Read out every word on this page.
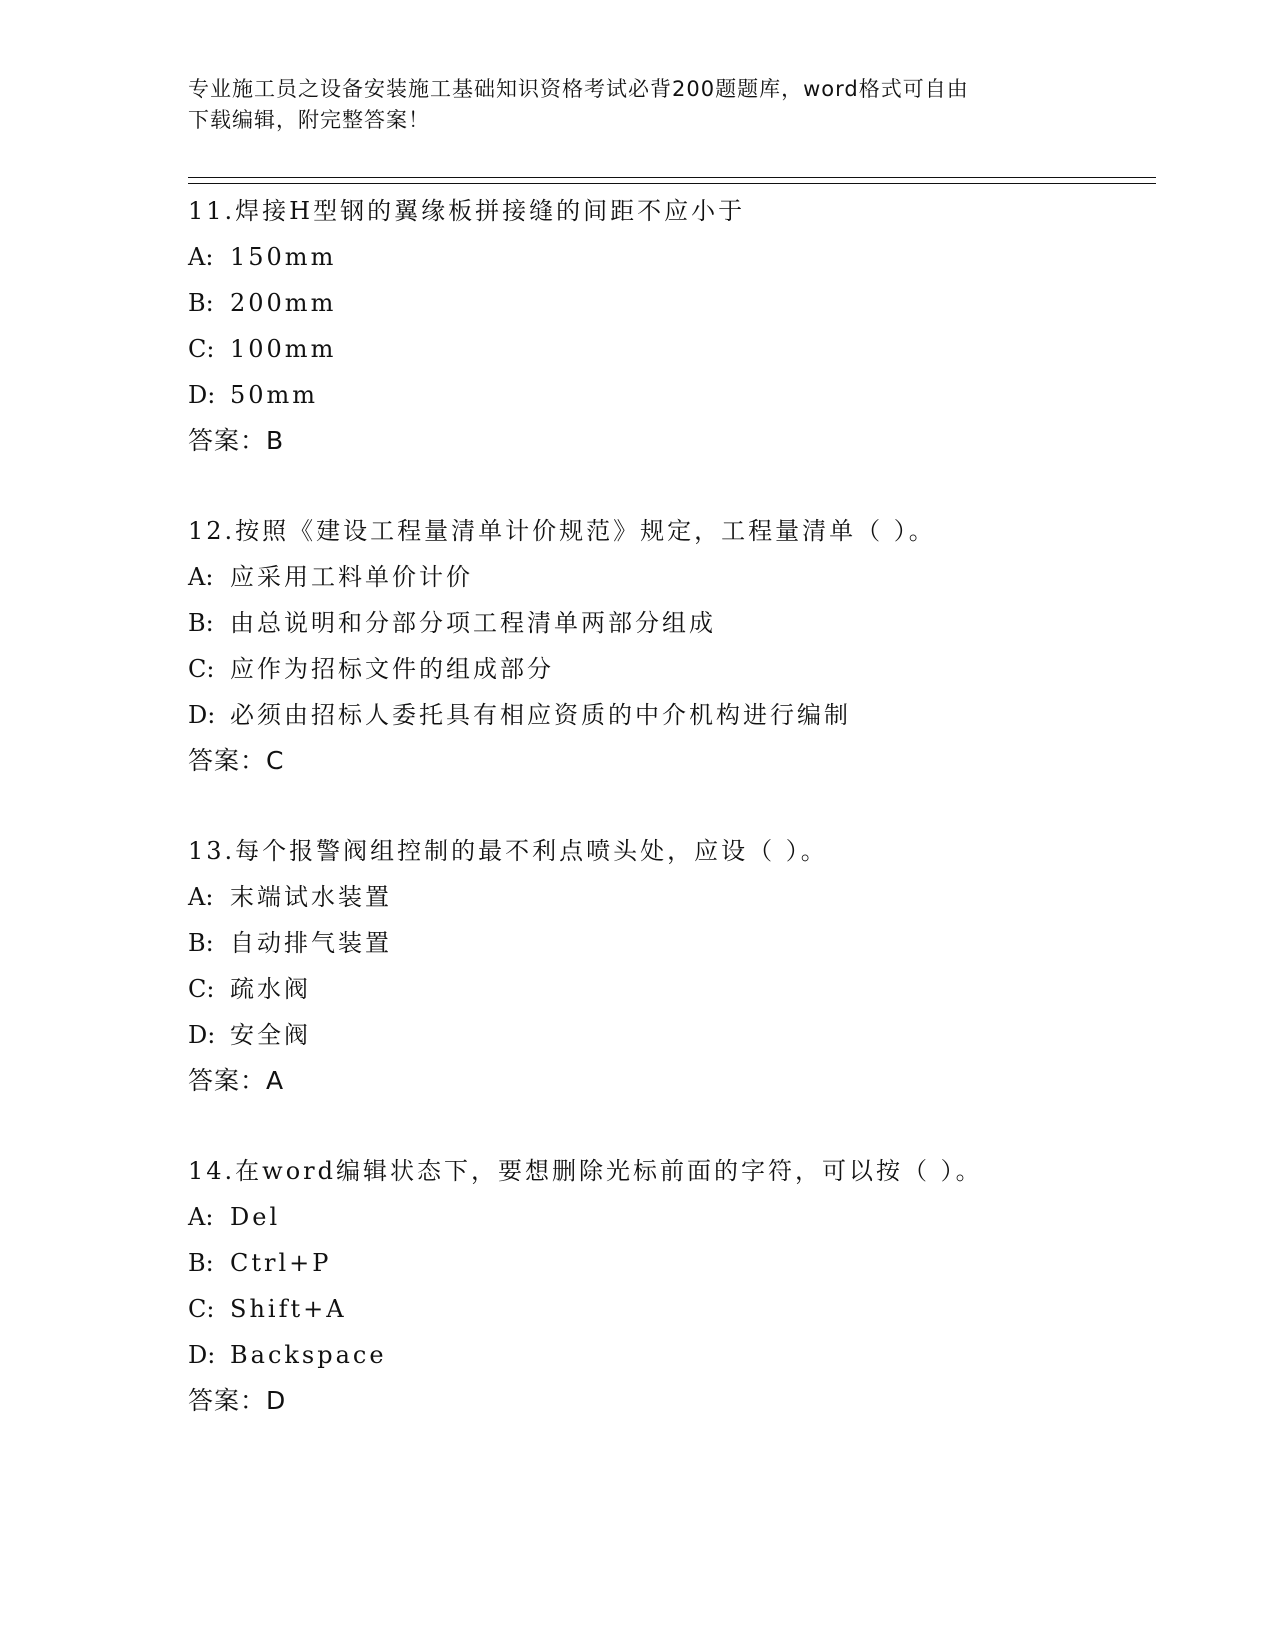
专业施工员之设备安装施工基础知识资格考试必背200题题库，word格式可自由
下载编辑，附完整答案！
11.焊接H型钢的翼缘板拼接缝的间距不应小于
A: 150mm
B: 200mm
C: 100mm
D: 50mm
答案：B
12.按照《建设工程量清单计价规范》规定，工程量清单（ ）。
A: 应采用工料单价计价
B: 由总说明和分部分项工程清单两部分组成
C: 应作为招标文件的组成部分
D: 必须由招标人委托具有相应资质的中介机构进行编制
答案：C
13.每个报警阀组控制的最不利点喷头处，应设（ ）。
A: 末端试水装置
B: 自动排气装置
C: 疏水阀
D: 安全阀
答案：A
14.在word编辑状态下，要想删除光标前面的字符，可以按（ ）。
A: Del
B: Ctrl+P
C: Shift+A
D: Backspace
答案：D
